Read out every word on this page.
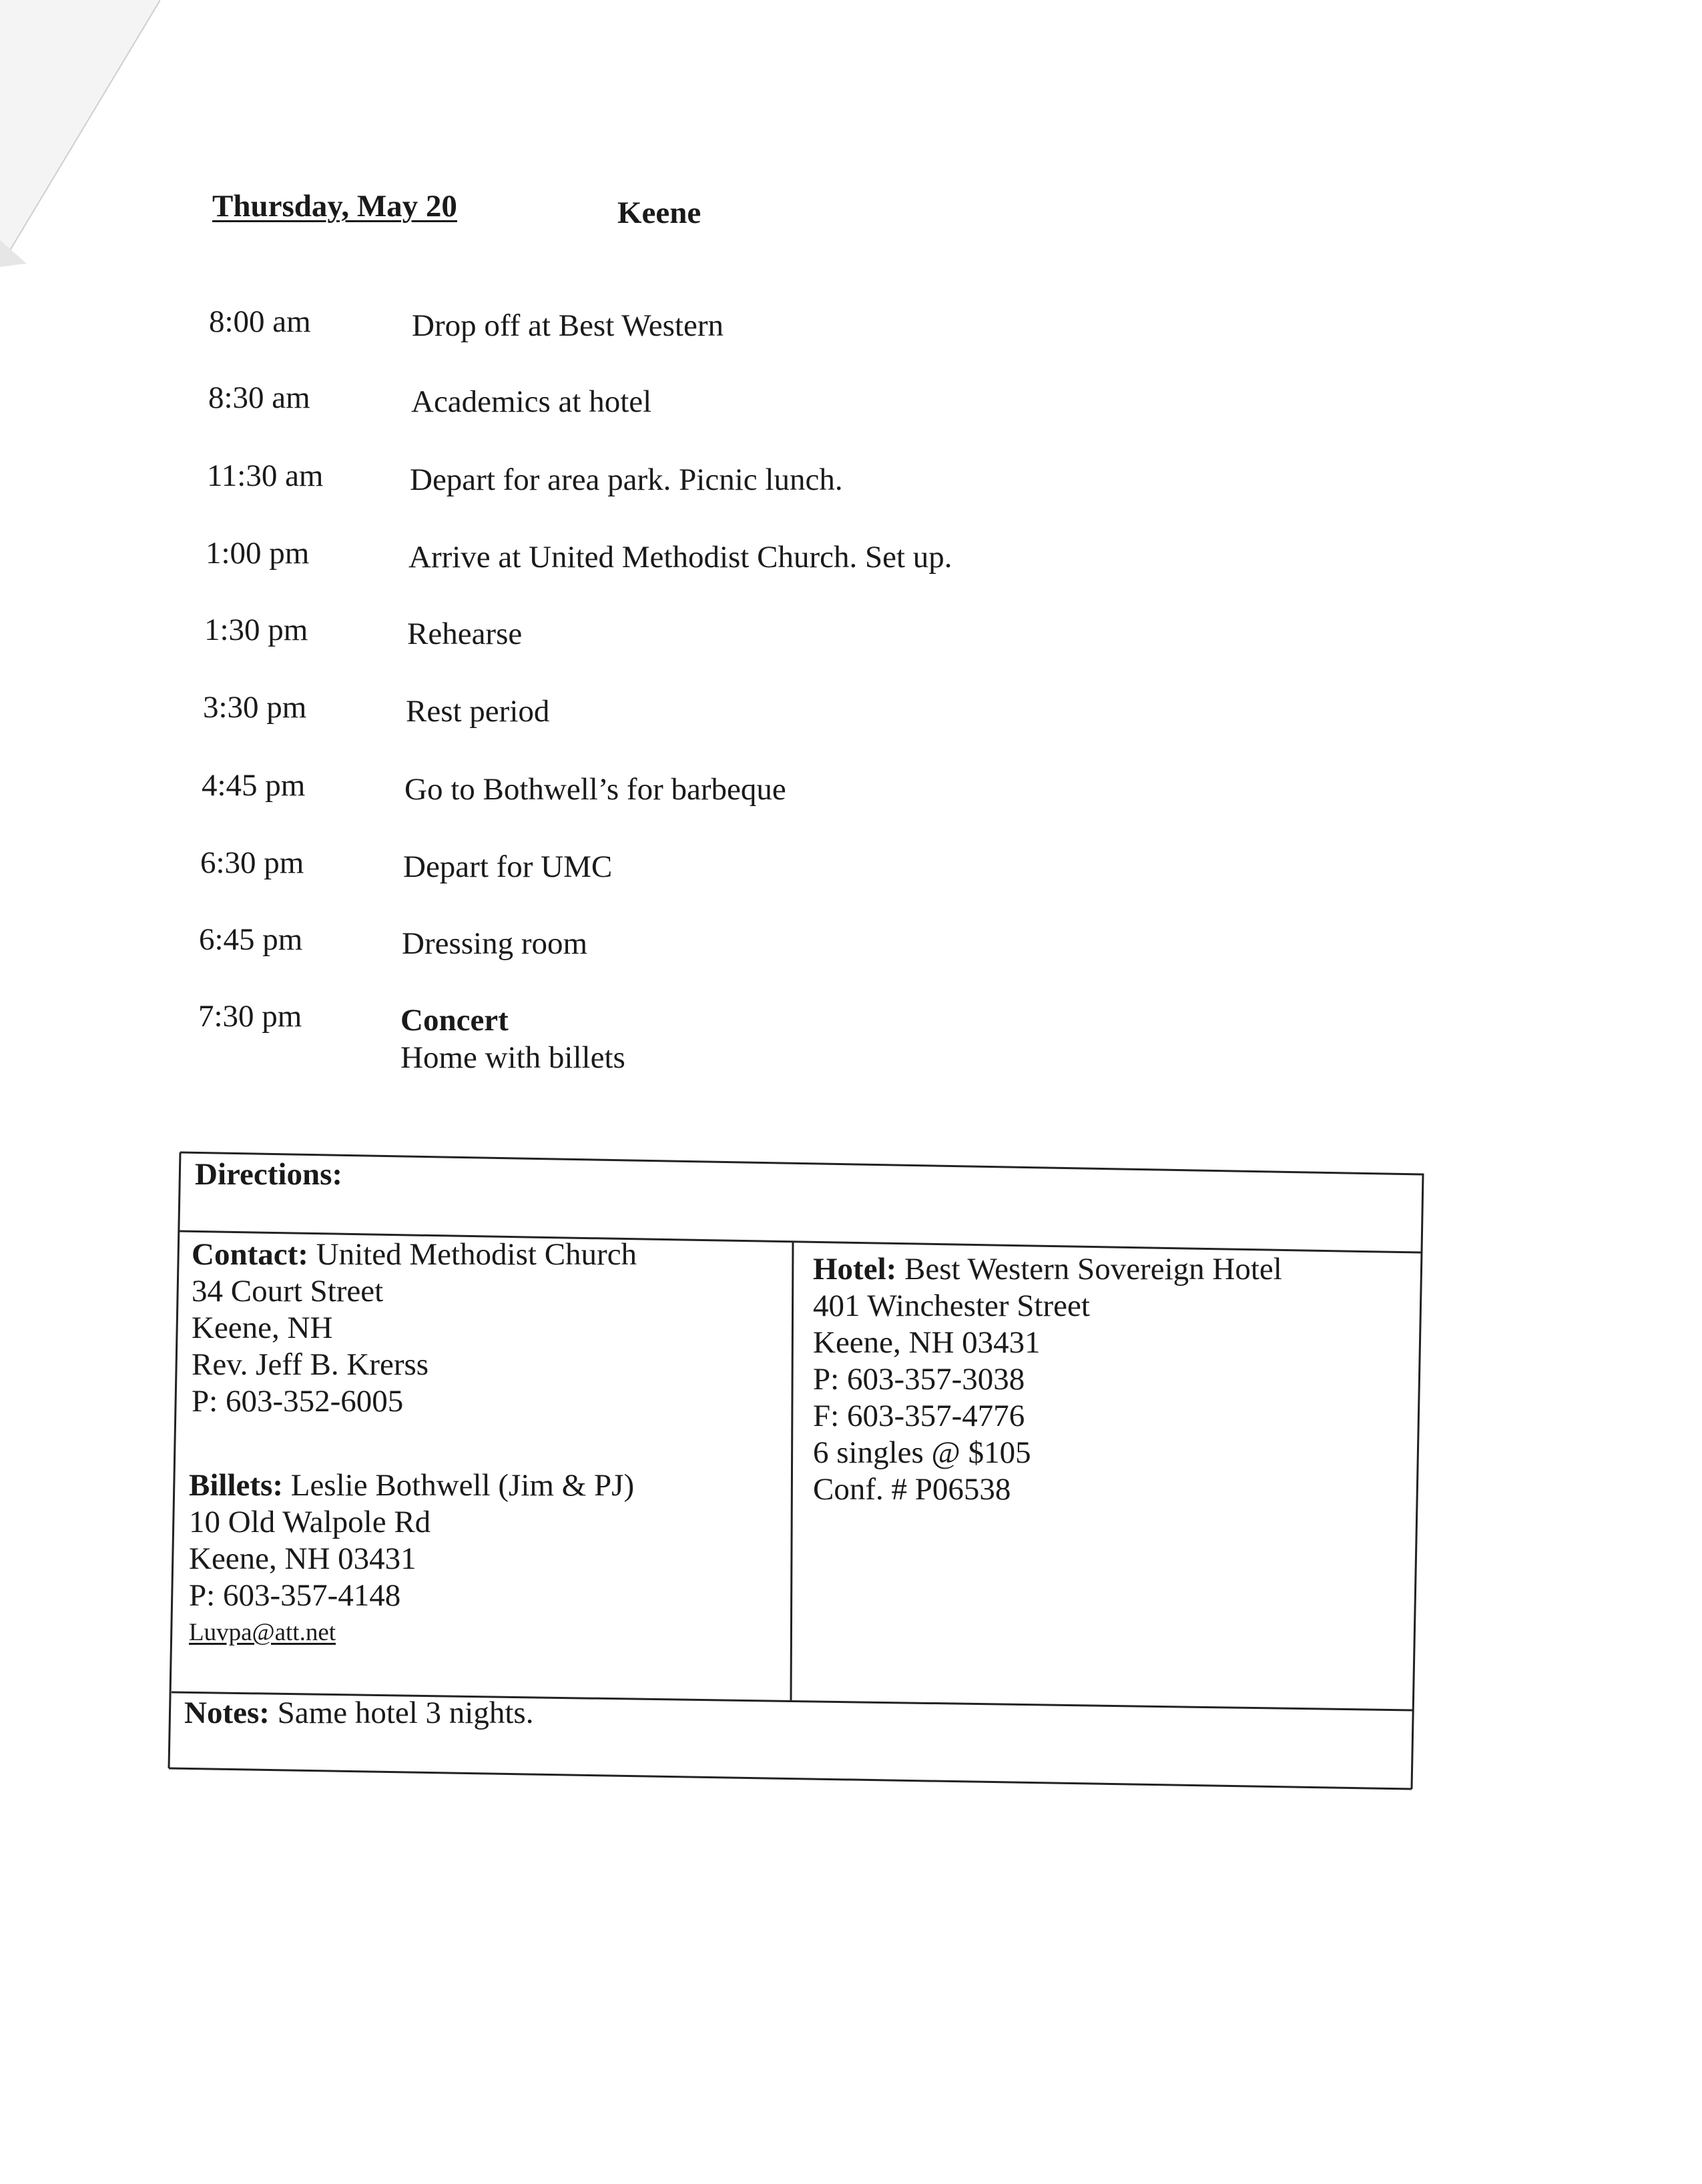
Thursday, May 20	Keene
8:00 am	Drop off at Best Western
8:30 am	Academics at hotel
11:30 am	Depart for area park. Picnic lunch.
1:00 pm	Arrive at United Methodist Church. Set up.
1:30 pm	Rehearse
3:30 pm	Rest period
4:45 pm	Go to Bothwell’s for barbeque
6:30 pm	Depart for UMC
6:45 pm	Dressing room
7:30 pm	Concert
Home with billets
Directions:
Contact: United Methodist Church
34 Court Street
Keene, NH
Rev. Jeff B. Krerss
P: 603-352-6005
Billets: Leslie Bothwell (Jim & PJ)
10 Old Walpole Rd
Keene, NH 03431
P: 603-357-4148
Luvpa@att.net
Hotel: Best Western Sovereign Hotel
401 Winchester Street
Keene, NH 03431
P: 603-357-3038
F: 603-357-4776
6 singles @ $105
Conf. # P06538
Notes: Same hotel 3 nights.
